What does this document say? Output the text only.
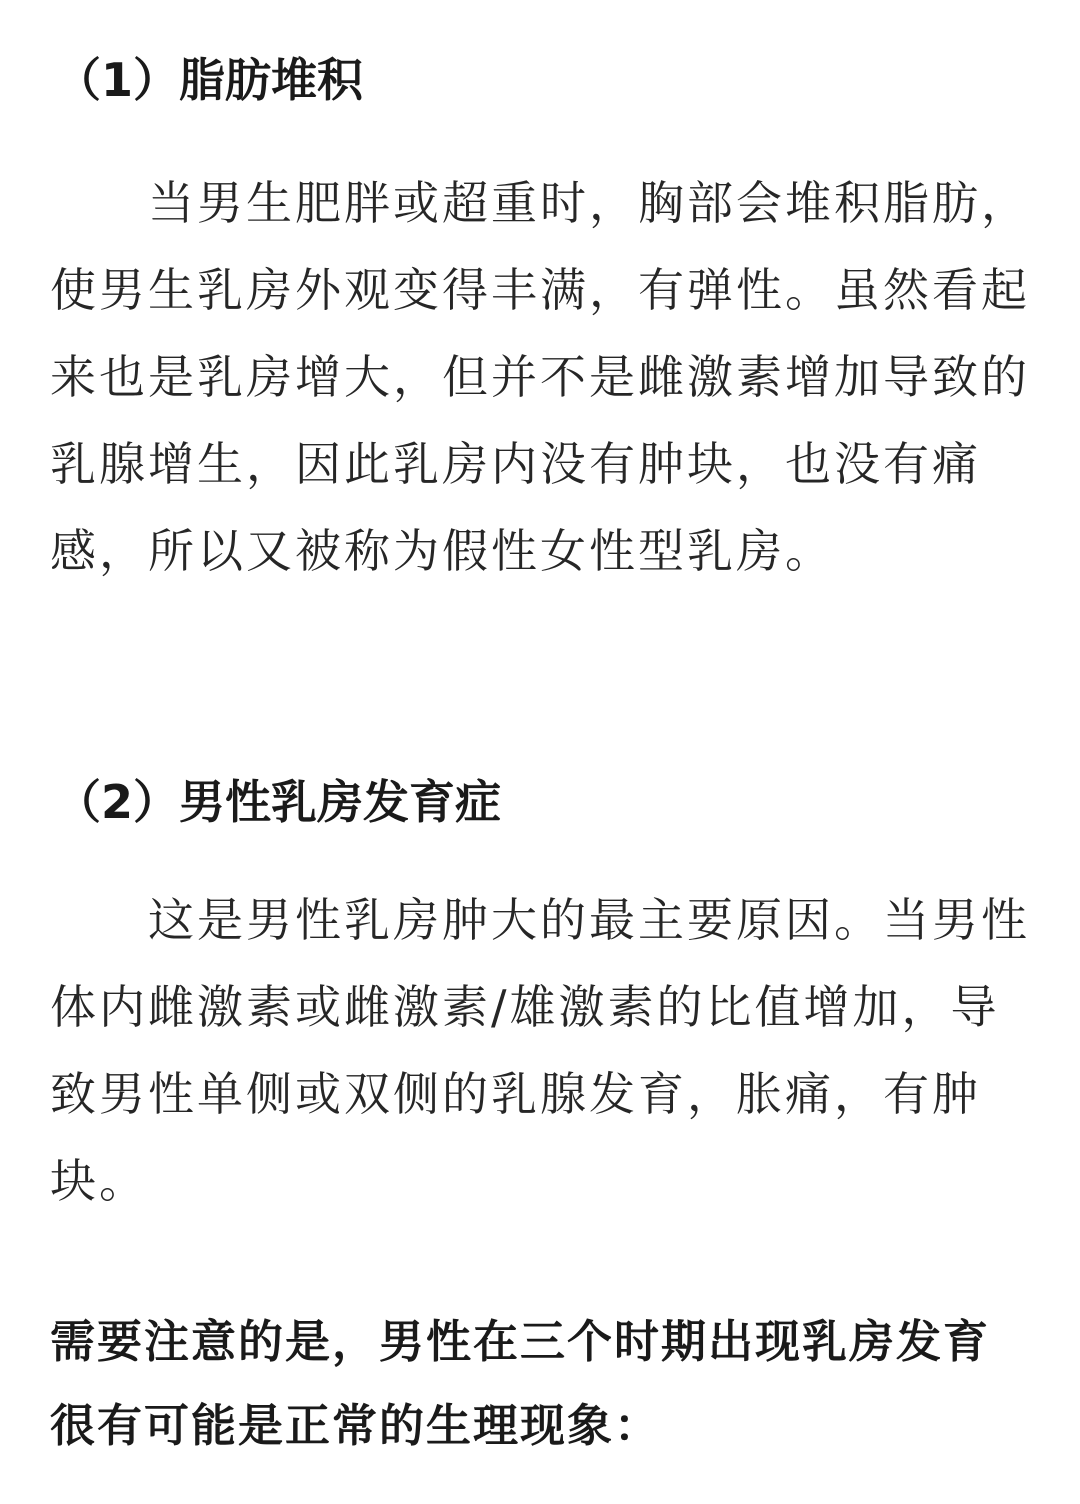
（1）脂肪堆积

当男生肥胖或超重时，胸部会堆积脂肪，使男生乳房外观变得丰满，有弹性。虽然看起来也是乳房增大，但并不是雌激素增加导致的乳腺增生，因此乳房内没有肿块，也没有痛感，所以又被称为假性女性型乳房。

（2）男性乳房发育症

这是男性乳房肿大的最主要原因。当男性体内雌激素或雌激素/雄激素的比值增加，导致男性单侧或双侧的乳腺发育，胀痛，有肿块。

需要注意的是，男性在三个时期出现乳房发育很有可能是正常的生理现象：
